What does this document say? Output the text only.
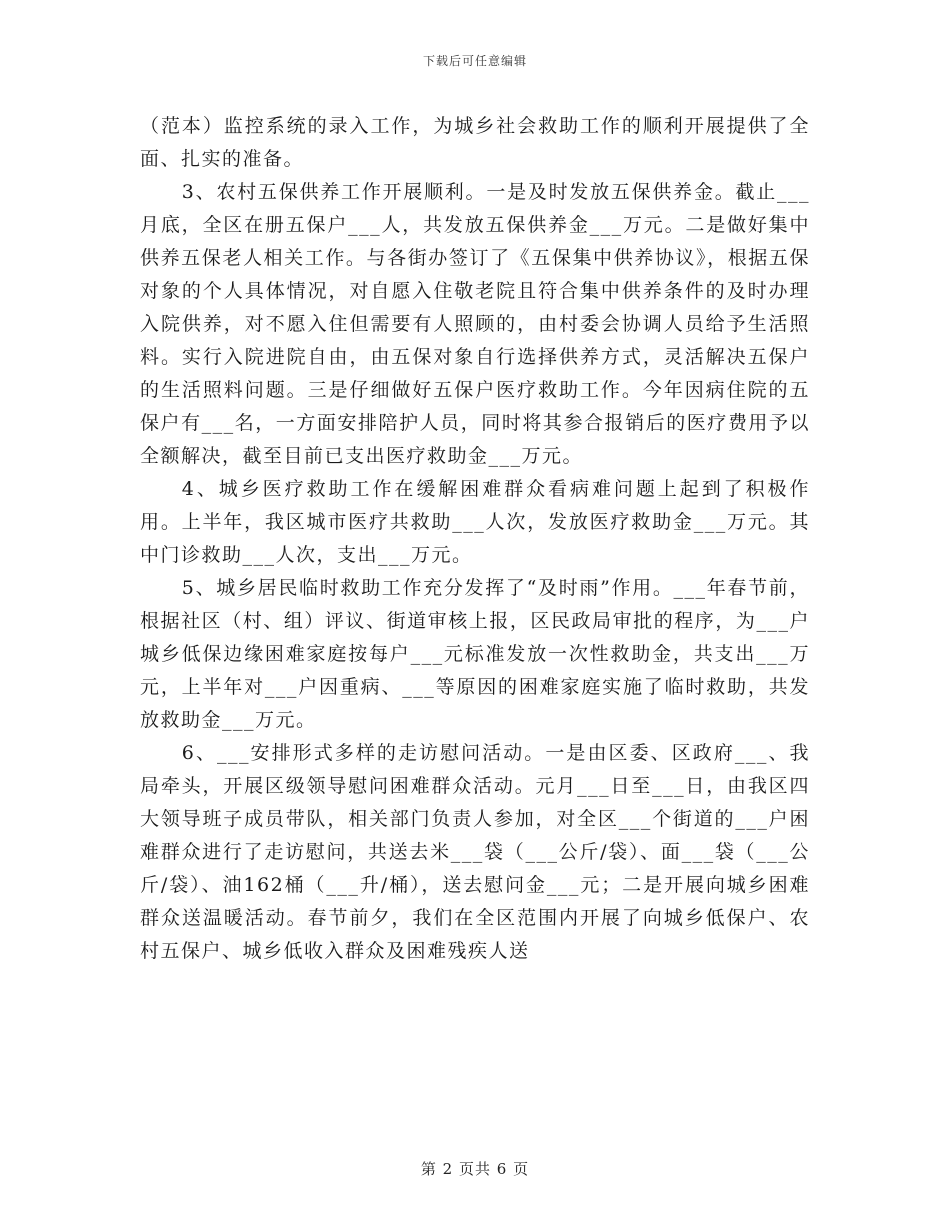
下载后可任意编辑

（范本）监控系统的录入工作，为城乡社会救助工作的顺利开展提供了全面、扎实的准备。

3、农村五保供养工作开展顺利。一是及时发放五保供养金。截止___月底，全区在册五保户___人，共发放五保供养金___万元。二是做好集中供养五保老人相关工作。与各街办签订了《五保集中供养协议》，根据五保对象的个人具体情况，对自愿入住敬老院且符合集中供养条件的及时办理入院供养，对不愿入住但需要有人照顾的，由村委会协调人员给予生活照料。实行入院进院自由，由五保对象自行选择供养方式，灵活解决五保户的生活照料问题。三是仔细做好五保户医疗救助工作。今年因病住院的五保户有___名，一方面安排陪护人员，同时将其参合报销后的医疗费用予以全额解决，截至目前已支出医疗救助金___万元。

4、城乡医疗救助工作在缓解困难群众看病难问题上起到了积极作用。上半年，我区城市医疗共救助___人次，发放医疗救助金___万元。其中门诊救助___人次，支出___万元。

5、城乡居民临时救助工作充分发挥了“及时雨”作用。___年春节前，根据社区（村、组）评议、街道审核上报，区民政局审批的程序，为___户城乡低保边缘困难家庭按每户___元标准发放一次性救助金，共支出___万元，上半年对___户因重病、___等原因的困难家庭实施了临时救助，共发放救助金___万元。

6、___安排形式多样的走访慰问活动。一是由区委、区政府___、我局牵头，开展区级领导慰问困难群众活动。元月___日至___日，由我区四大领导班子成员带队，相关部门负责人参加，对全区___个街道的___户困难群众进行了走访慰问，共送去米___袋（___公斤/袋）、面___袋（___公斤/袋）、油162桶（___升/桶），送去慰问金___元；二是开展向城乡困难群众送温暖活动。春节前夕，我们在全区范围内开展了向城乡低保户、农村五保户、城乡低收入群众及困难残疾人送

第 2 页共 6 页
